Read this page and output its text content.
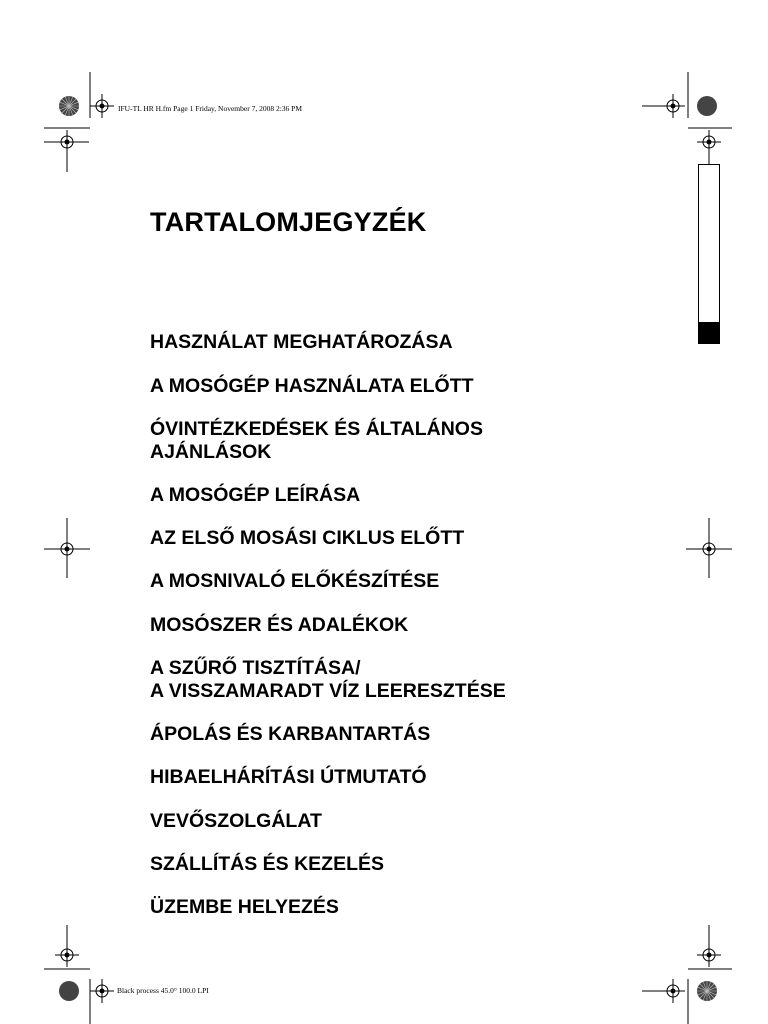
IFU-TL HR H.fm Page 1 Friday, November 7, 2008 2:36 PM
Black process 45.0° 100.0 LPI
TARTALOMJEGYZÉK
HASZNÁLAT MEGHATÁROZÁSA
A MOSÓGÉP HASZNÁLATA ELŐTT
ÓVINTÉZKEDÉSEK ÉS ÁLTALÁNOS
AJÁNLÁSOK
A MOSÓGÉP LEÍRÁSA
AZ ELSŐ MOSÁSI CIKLUS ELŐTT
A MOSNIVALÓ ELŐKÉSZÍTÉSE
MOSÓSZER ÉS ADALÉKOK
A SZŰRŐ TISZTÍTÁSA/
A VISSZAMARADT VÍZ LEERESZTÉSE
ÁPOLÁS ÉS KARBANTARTÁS
HIBAELHÁRÍTÁSI ÚTMUTATÓ
VEVŐSZOLGÁLAT
SZÁLLÍTÁS ÉS KEZELÉS
ÜZEMBE HELYEZÉS
